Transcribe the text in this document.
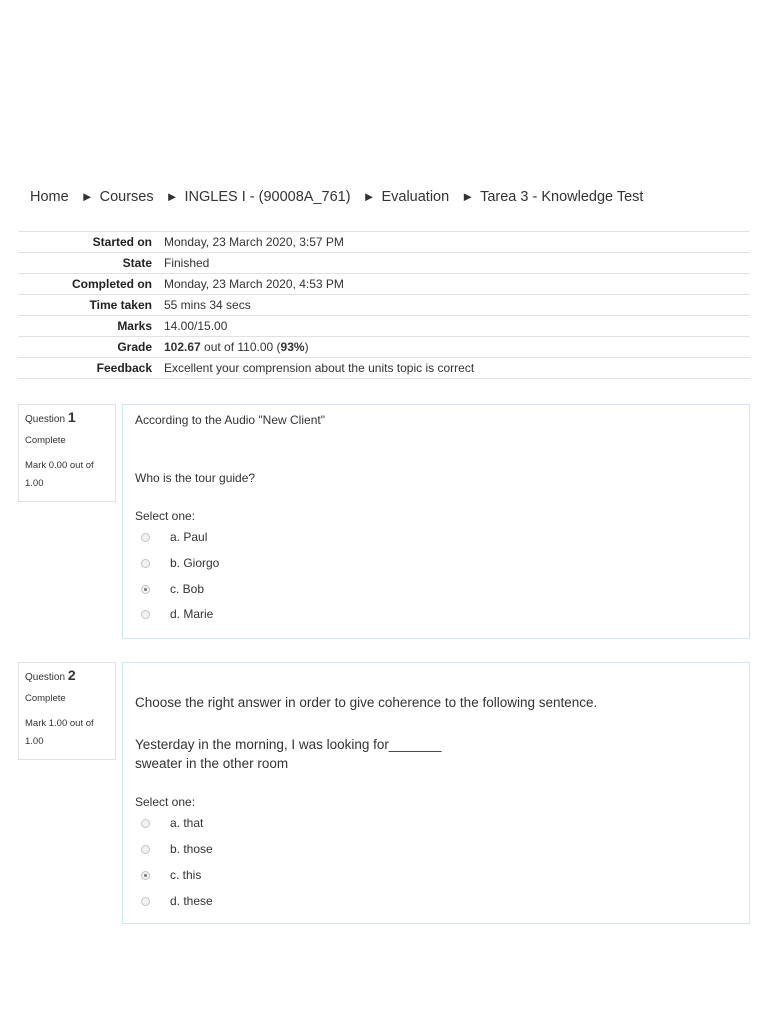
Home ► Courses ► INGLES I - (90008A_761) ► Evaluation ► Tarea 3 - Knowledge Test
Started on	Monday, 23 March 2020, 3:57 PM
State	Finished
Completed on	Monday, 23 March 2020, 4:53 PM
Time taken	55 mins 34 secs
Marks	14.00/15.00
Grade	102.67 out of 110.00 (93%)
Feedback	Excellent your comprension about the units topic is correct
Question 1
Complete
Mark 0.00 out of 1.00
According to the Audio "New Client"
Who is the tour guide?
Select one:
a. Paul
b. Giorgo
c. Bob
d. Marie
Question 2
Complete
Mark 1.00 out of 1.00
Choose the right answer in order to give coherence to the following sentence.
Yesterday in the morning, I was looking for_______
sweater in the other room
Select one:
a. that
b. those
c. this
d. these
